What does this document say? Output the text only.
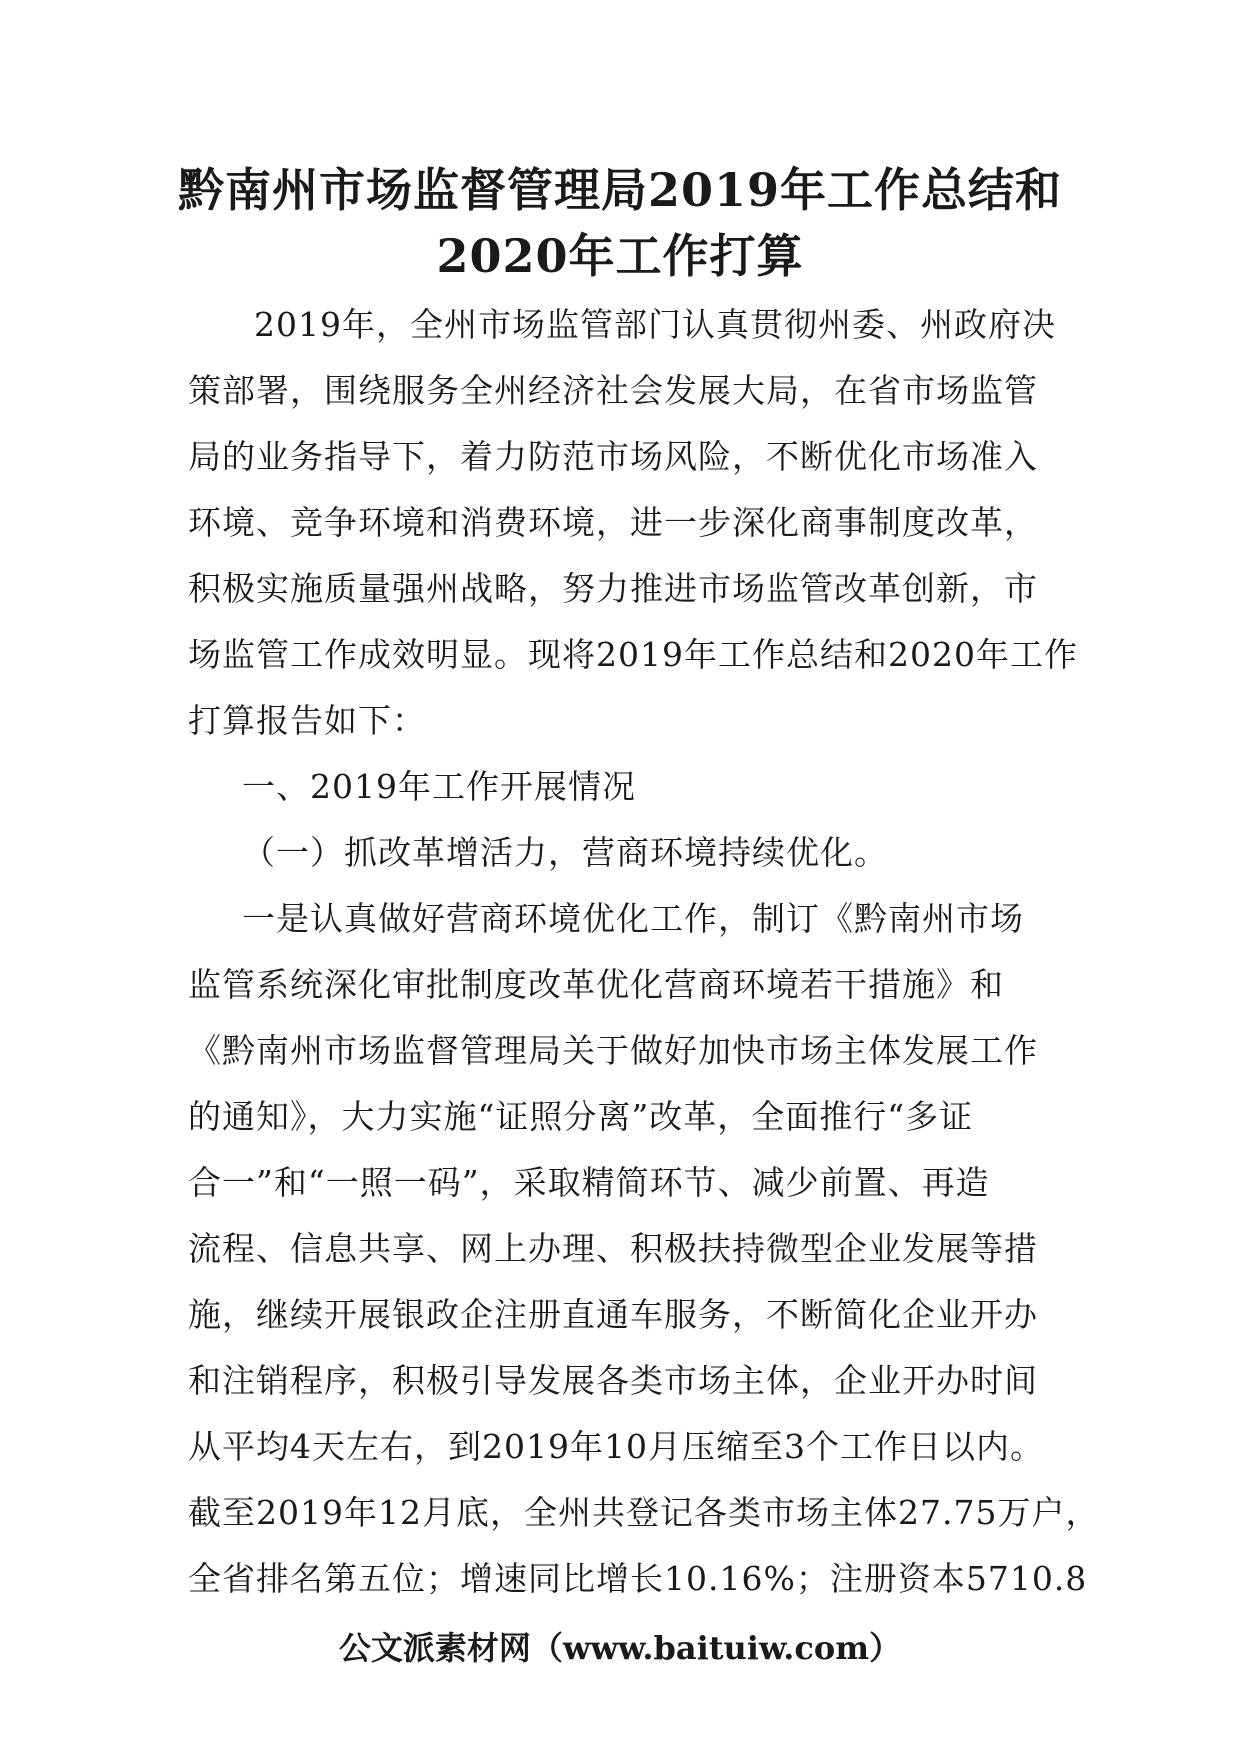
黔南州市场监督管理局2019年工作总结和
2020年工作打算
2019年，全州市场监管部门认真贯彻州委、州政府决
策部署，围绕服务全州经济社会发展大局，在省市场监管
局的业务指导下，着力防范市场风险，不断优化市场准入
环境、竞争环境和消费环境，进一步深化商事制度改革，
积极实施质量强州战略，努力推进市场监管改革创新，市
场监管工作成效明显。现将2019年工作总结和2020年工作
打算报告如下：
一、2019年工作开展情况
（一）抓改革增活力，营商环境持续优化。
一是认真做好营商环境优化工作，制订《黔南州市场
监管系统深化审批制度改革优化营商环境若干措施》和
《黔南州市场监督管理局关于做好加快市场主体发展工作
的通知》，大力实施“证照分离”改革，全面推行“多证
合一”和“一照一码”，采取精简环节、减少前置、再造
流程、信息共享、网上办理、积极扶持微型企业发展等措
施，继续开展银政企注册直通车服务，不断简化企业开办
和注销程序，积极引导发展各类市场主体，企业开办时间
从平均4天左右，到2019年10月压缩至3个工作日以内。
截至2019年12月底，全州共登记各类市场主体27.75万户，
全省排名第五位；增速同比增长10.16%；注册资本5710.8
公文派素材网（www.baituiw.com）
